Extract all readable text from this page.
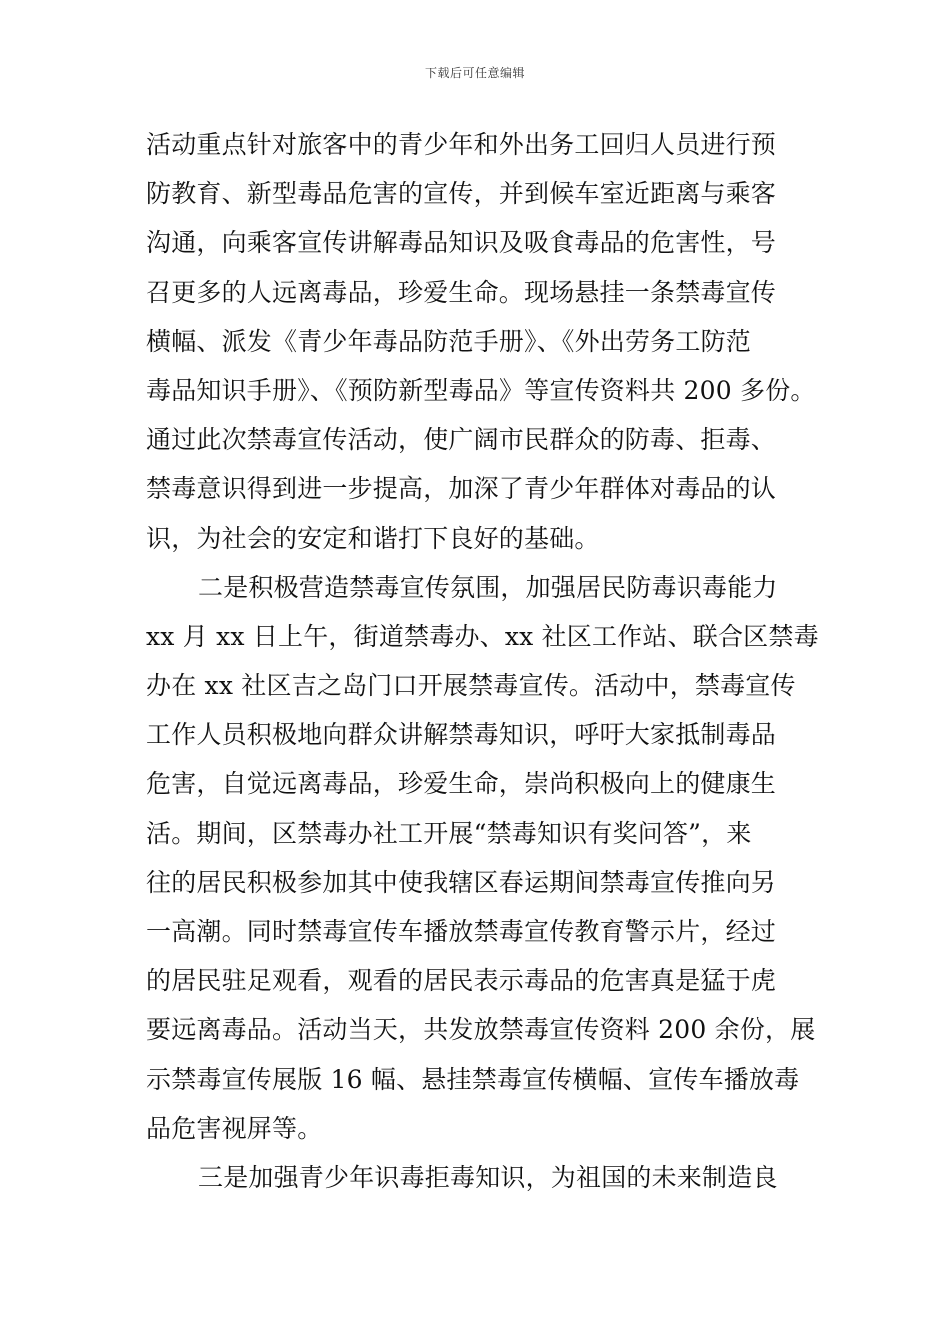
下载后可任意编辑
活动重点针对旅客中的青少年和外出务工回归人员进行预
防教育、新型毒品危害的宣传，并到候车室近距离与乘客
沟通，向乘客宣传讲解毒品知识及吸食毒品的危害性，号
召更多的人远离毒品，珍爱生命。现场悬挂一条禁毒宣传
横幅、派发《青少年毒品防范手册》、《外出劳务工防范
毒品知识手册》、《预防新型毒品》等宣传资料共 200 多份。
通过此次禁毒宣传活动，使广阔市民群众的防毒、拒毒、
禁毒意识得到进一步提高，加深了青少年群体对毒品的认
识，为社会的安定和谐打下良好的基础。
二是积极营造禁毒宣传氛围，加强居民防毒识毒能力
xx 月 xx 日上午，街道禁毒办、xx 社区工作站、联合区禁毒
办在 xx 社区吉之岛门口开展禁毒宣传。活动中，禁毒宣传
工作人员积极地向群众讲解禁毒知识，呼吁大家抵制毒品
危害，自觉远离毒品，珍爱生命，崇尚积极向上的健康生
活。期间，区禁毒办社工开展“禁毒知识有奖问答”，来
往的居民积极参加其中使我辖区春运期间禁毒宣传推向另
一高潮。同时禁毒宣传车播放禁毒宣传教育警示片，经过
的居民驻足观看，观看的居民表示毒品的危害真是猛于虎
要远离毒品。活动当天，共发放禁毒宣传资料 200 余份，展
示禁毒宣传展版 16 幅、悬挂禁毒宣传横幅、宣传车播放毒
品危害视屏等。
三是加强青少年识毒拒毒知识，为祖国的未来制造良
